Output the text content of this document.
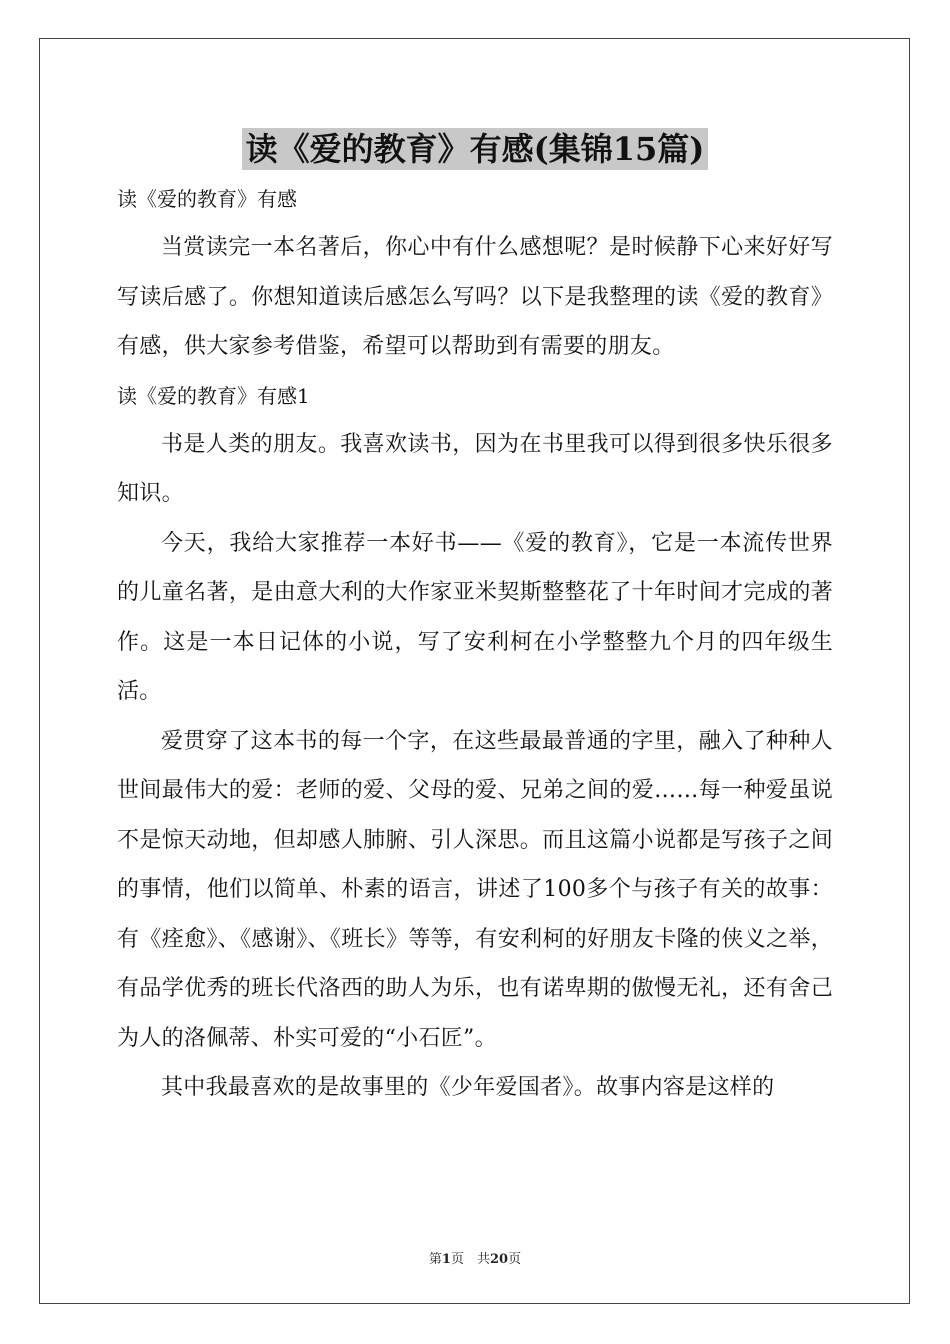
读《爱的教育》有感(集锦15篇)

读《爱的教育》有感

当赏读完一本名著后，你心中有什么感想呢？是时候静下心来好好写写读后感了。你想知道读后感怎么写吗？以下是我整理的读《爱的教育》有感，供大家参考借鉴，希望可以帮助到有需要的朋友。

读《爱的教育》有感1

书是人类的朋友。我喜欢读书，因为在书里我可以得到很多快乐很多知识。

今天，我给大家推荐一本好书——《爱的教育》，它是一本流传世界的儿童名著，是由意大利的大作家亚米契斯整整花了十年时间才完成的著作。这是一本日记体的小说，写了安利柯在小学整整九个月的四年级生活。

爱贯穿了这本书的每一个字，在这些最最普通的字里，融入了种种人世间最伟大的爱：老师的爱、父母的爱、兄弟之间的爱……每一种爱虽说不是惊天动地，但却感人肺腑、引人深思。而且这篇小说都是写孩子之间的事情，他们以简单、朴素的语言，讲述了100多个与孩子有关的故事：有《痊愈》、《感谢》、《班长》等等，有安利柯的好朋友卡隆的侠义之举，有品学优秀的班长代洛西的助人为乐，也有诺卑期的傲慢无礼，还有舍己为人的洛佩蒂、朴实可爱的“小石匠”。

其中我最喜欢的是故事里的《少年爱国者》。故事内容是这样的

第1页　共20页
